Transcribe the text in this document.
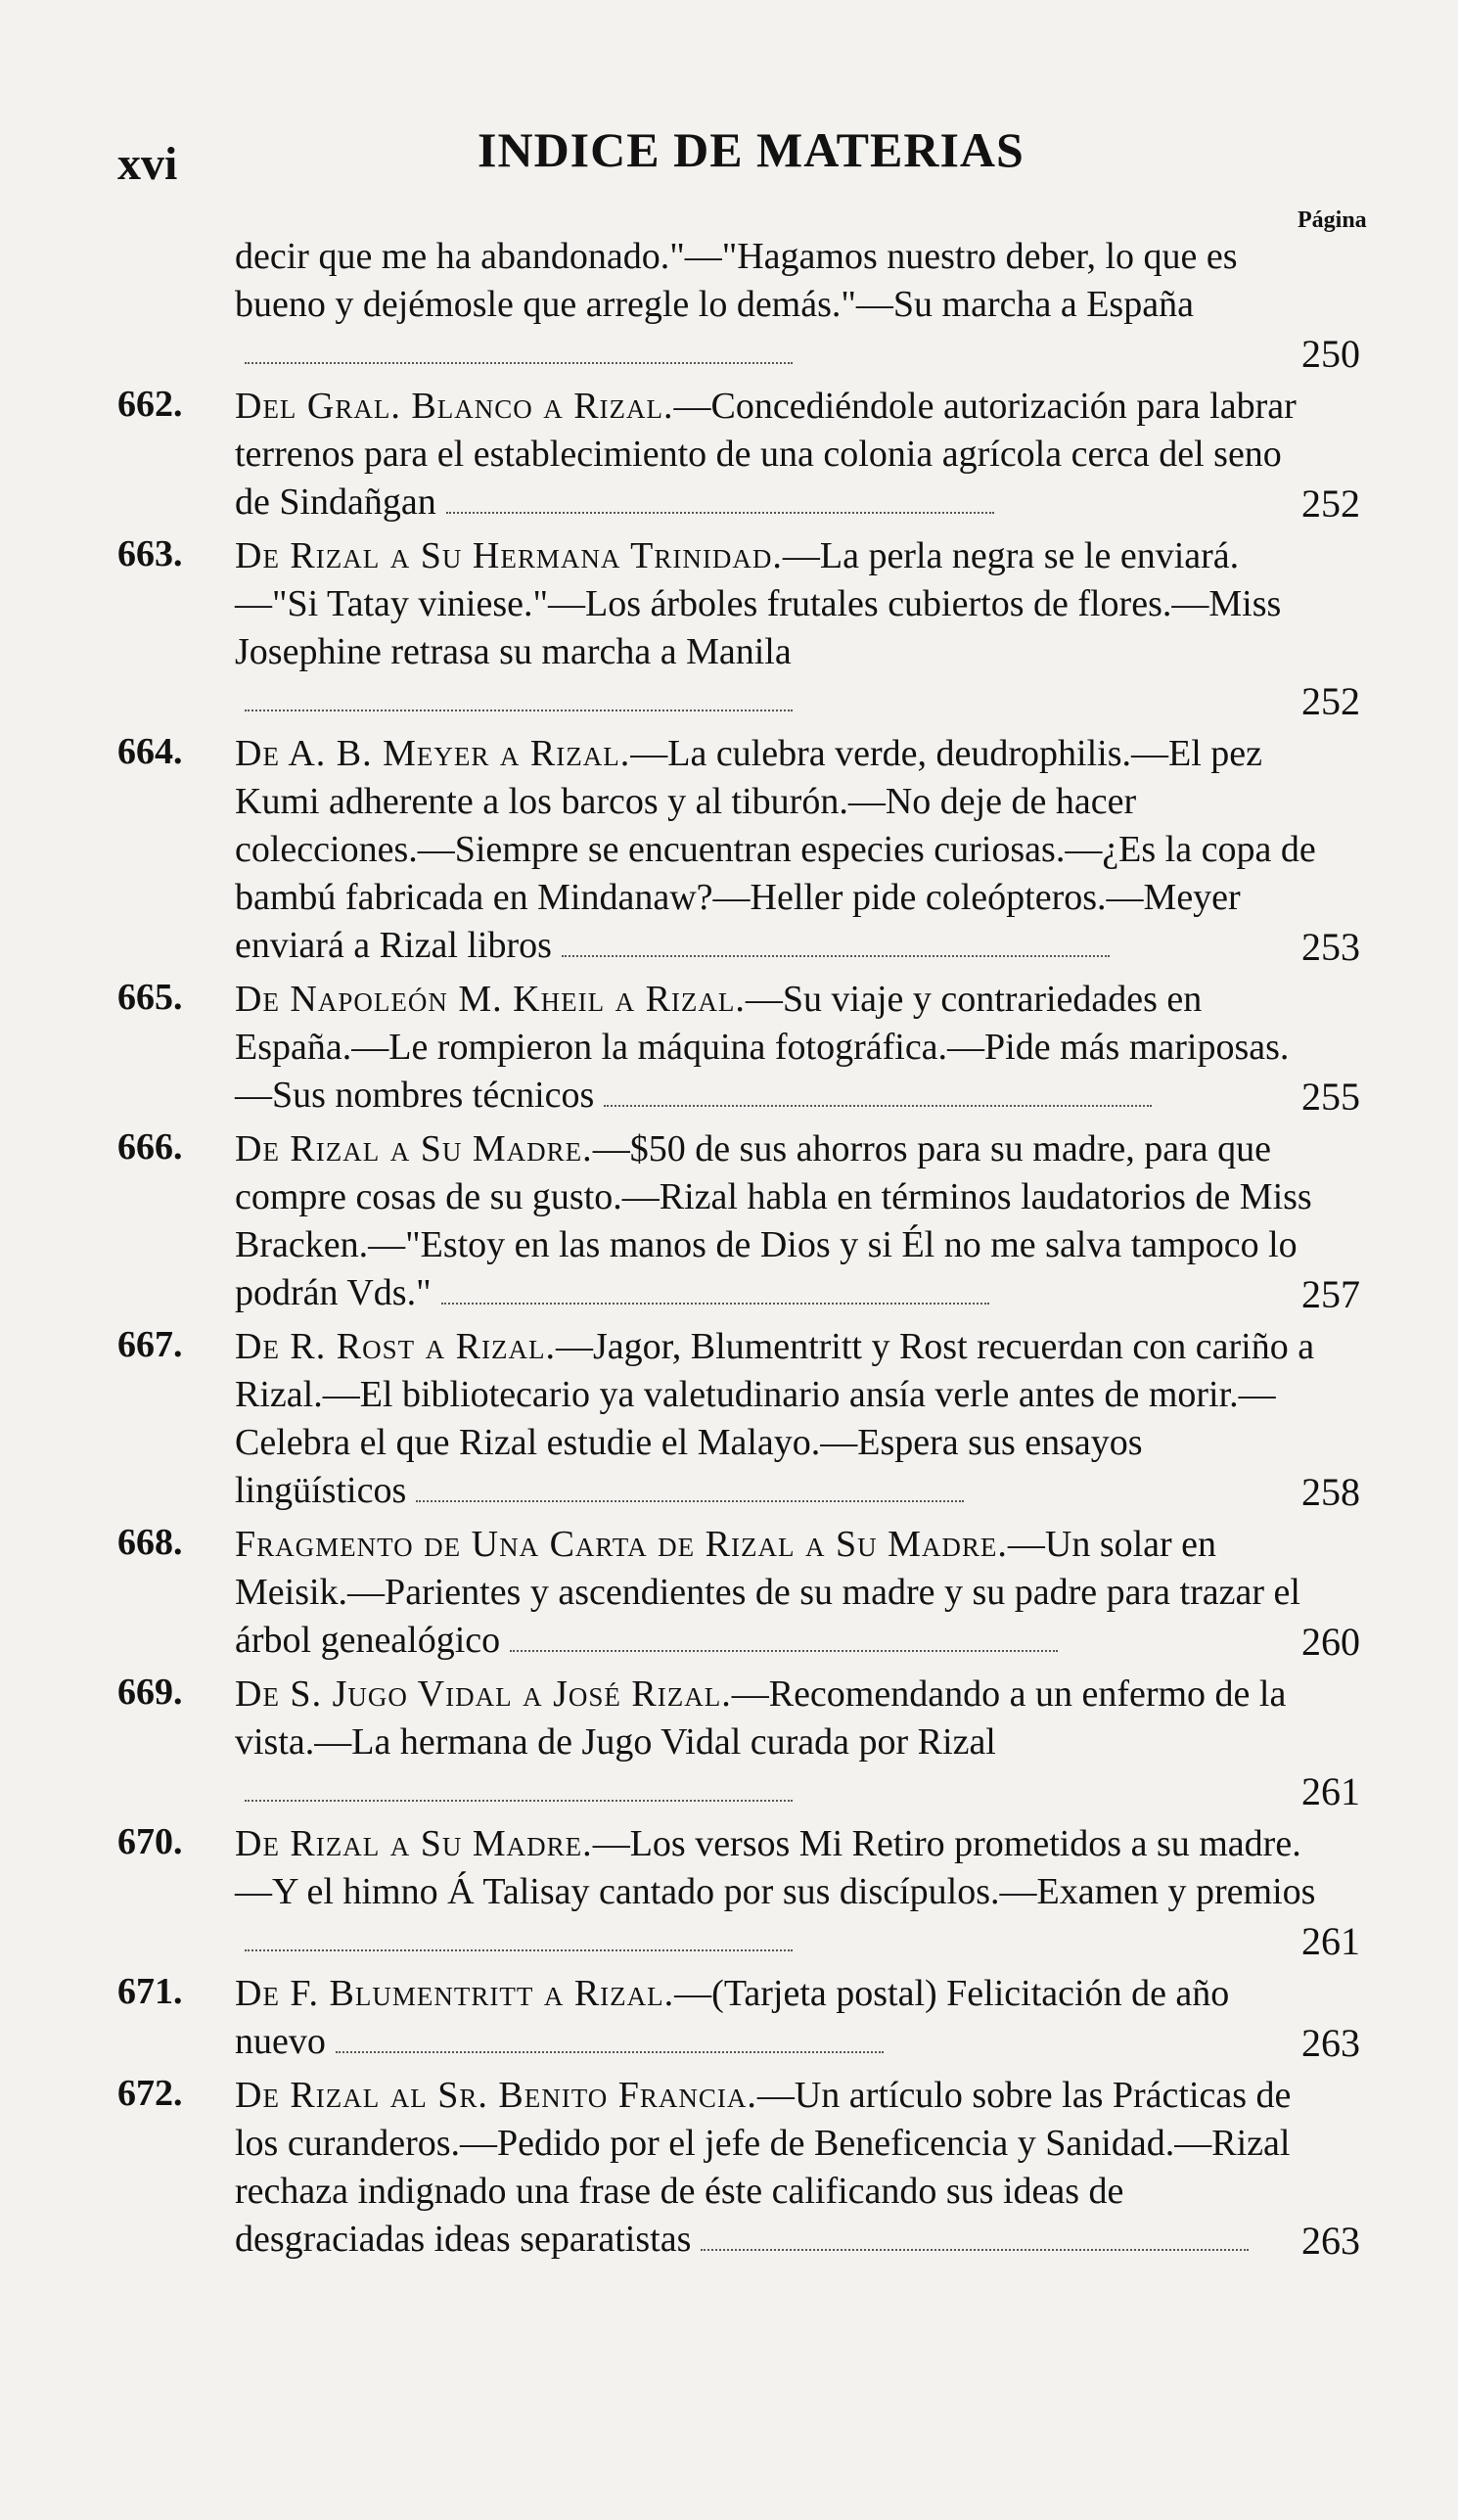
xvi	INDICE DE MATERIAS
Página
decir que me ha abandonado."—"Hagamos nuestro deber, lo que es bueno y dejémosle que arregle lo demás."—Su marcha a España
250
662. Del Gral. Blanco a Rizal.—Concediéndole autorización para labrar terrenos para el establecimiento de una colonia agrícola cerca del seno de Sindañgan	252
663. De Rizal a Su Hermana Trinidad.—La perla negra se le enviará.—"Si Tatay viniese."—Los árboles frutales cubiertos de flores.—Miss Josephine retrasa su marcha a Manila
252
664. De A. B. Meyer a Rizal.—La culebra verde, deudrophilis.—El pez Kumi adherente a los barcos y al tiburón.—No deje de hacer colecciones.—Siempre se encuentran especies curiosas.—¿Es la copa de bambú fabricada en Mindanaw?—Heller pide coleópteros.—Meyer enviará a Rizal libros	253
665. De Napoleón M. Kheil a Rizal.—Su viaje y contrariedades en España.—Le rompieron la máquina fotográfica.—Pide más mariposas.—Sus nombres técnicos	255
666. De Rizal a Su Madre.—$50 de sus ahorros para su madre, para que compre cosas de su gusto.—Rizal habla en términos laudatorios de Miss Bracken.—"Estoy en las manos de Dios y si Él no me salva tampoco lo podrán Vds."	257
667. De R. Rost a Rizal.—Jagor, Blumentritt y Rost recuerdan con cariño a Rizal.—El bibliotecario ya valetudinario ansía verle antes de morir.—Celebra el que Rizal estudie el Malayo.—Espera sus ensayos lingüísticos	258
668. Fragmento de Una Carta de Rizal a Su Madre.—Un solar en Meisik.—Parientes y ascendientes de su madre y su padre para trazar el árbol genealógico	260
669. De S. Jugo Vidal a José Rizal.—Recomendando a un enfermo de la vista.—La hermana de Jugo Vidal curada por Rizal
261
670. De Rizal a Su Madre.—Los versos Mi Retiro prometidos a su madre.—Y el himno Á Talisay cantado por sus discípulos.—Examen y premios
261
671. De F. Blumentritt a Rizal.—(Tarjeta postal) Felicitación de año nuevo	263
672. De Rizal al Sr. Benito Francia.—Un artículo sobre las Prácticas de los curanderos.—Pedido por el jefe de Beneficencia y Sanidad.—Rizal rechaza indignado una frase de éste calificando sus ideas de desgraciadas ideas separatistas	263
